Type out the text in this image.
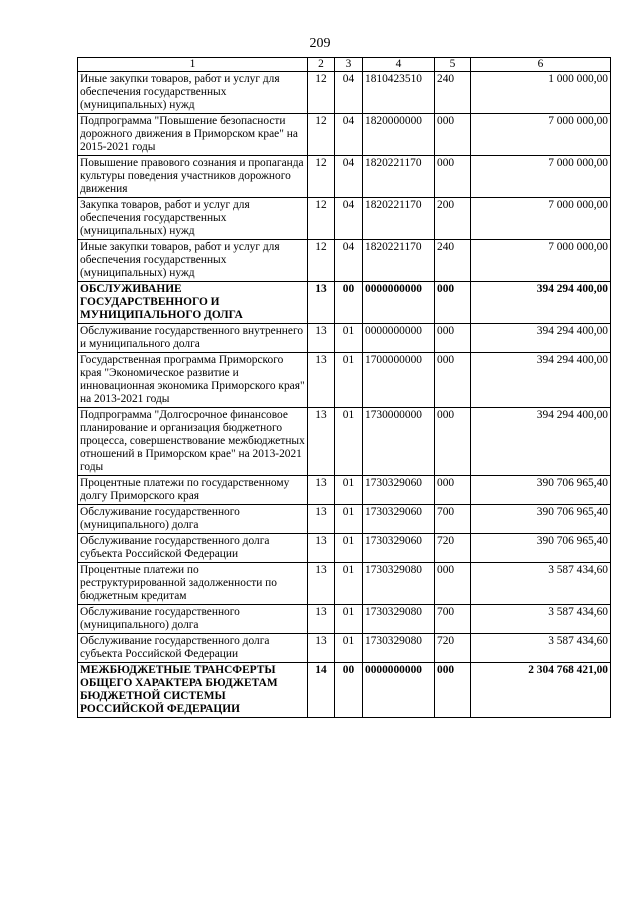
209
1	2	3	4	5	6
Иные закупки товаров, работ и услуг для обеспечения государственных (муниципальных) нужд	12	04	1810423510	240	1 000 000,00
Подпрограмма "Повышение безопасности дорожного движения в Приморском крае" на 2015-2021 годы	12	04	1820000000	000	7 000 000,00
Повышение правового сознания и пропаганда культуры поведения участников дорожного движения	12	04	1820221170	000	7 000 000,00
Закупка товаров, работ и услуг для обеспечения государственных (муниципальных) нужд	12	04	1820221170	200	7 000 000,00
Иные закупки товаров, работ и услуг для обеспечения государственных (муниципальных) нужд	12	04	1820221170	240	7 000 000,00
ОБСЛУЖИВАНИЕ ГОСУДАРСТВЕННОГО И МУНИЦИПАЛЬНОГО ДОЛГА	13	00	0000000000	000	394 294 400,00
Обслуживание государственного внутреннего и муниципального долга	13	01	0000000000	000	394 294 400,00
Государственная программа Приморского края "Экономическое развитие и инновационная экономика Приморского края" на 2013-2021 годы	13	01	1700000000	000	394 294 400,00
Подпрограмма "Долгосрочное финансовое планирование и организация бюджетного процесса, совершенствование межбюджетных отношений в Приморском крае" на 2013-2021 годы	13	01	1730000000	000	394 294 400,00
Процентные платежи по государственному долгу Приморского края	13	01	1730329060	000	390 706 965,40
Обслуживание государственного (муниципального) долга	13	01	1730329060	700	390 706 965,40
Обслуживание государственного долга субъекта Российской Федерации	13	01	1730329060	720	390 706 965,40
Процентные платежи по реструктурированной задолженности по бюджетным кредитам	13	01	1730329080	000	3 587 434,60
Обслуживание государственного (муниципального) долга	13	01	1730329080	700	3 587 434,60
Обслуживание государственного долга субъекта Российской Федерации	13	01	1730329080	720	3 587 434,60
МЕЖБЮДЖЕТНЫЕ ТРАНСФЕРТЫ ОБЩЕГО ХАРАКТЕРА БЮДЖЕТАМ БЮДЖЕТНОЙ СИСТЕМЫ РОССИЙСКОЙ ФЕДЕРАЦИИ	14	00	0000000000	000	2 304 768 421,00
